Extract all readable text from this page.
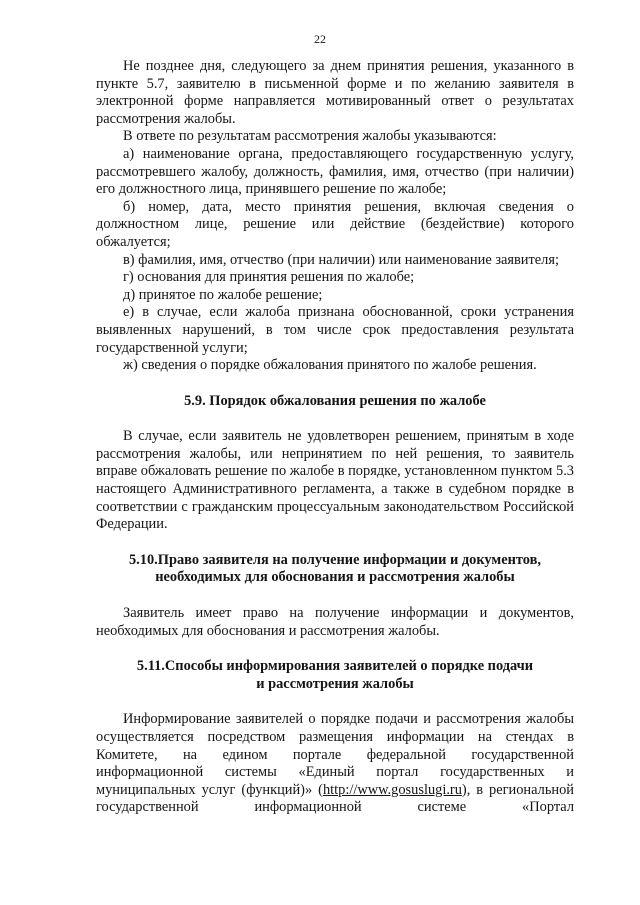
22

Не позднее дня, следующего за днем принятия решения, указанного в пункте 5.7, заявителю в письменной форме и по желанию заявителя в электронной форме направляется мотивированный ответ о результатах рассмотрения жалобы.

В ответе по результатам рассмотрения жалобы указываются:

а) наименование органа, предоставляющего государственную услугу, рассмотревшего жалобу, должность, фамилия, имя, отчество (при наличии) его должностного лица, принявшего решение по жалобе;

б) номер, дата, место принятия решения, включая сведения о должностном лице, решение или действие (бездействие) которого обжалуется;

в) фамилия, имя, отчество (при наличии) или наименование заявителя;

г) основания для принятия решения по жалобе;

д) принятое по жалобе решение;

е) в случае, если жалоба признана обоснованной, сроки устранения выявленных нарушений, в том числе срок предоставления результата государственной услуги;

ж) сведения о порядке обжалования принятого по жалобе решения.

5.9. Порядок обжалования решения по жалобе

В случае, если заявитель не удовлетворен решением, принятым в ходе рассмотрения жалобы, или непринятием по ней решения, то заявитель вправе обжаловать решение по жалобе в порядке, установленном пунктом 5.3 настоящего Административного регламента, а также в судебном порядке в соответствии с гражданским процессуальным законодательством Российской Федерации.

5.10.Право заявителя на получение информации и документов,
необходимых для обоснования и рассмотрения жалобы

Заявитель имеет право на получение информации и документов, необходимых для обоснования и рассмотрения жалобы.

5.11.Способы информирования заявителей о порядке подачи
и рассмотрения жалобы

Информирование заявителей о порядке подачи и рассмотрения жалобы осуществляется посредством размещения информации на стендах в Комитете, на едином портале федеральной государственной информационной системы «Единый портал государственных и муниципальных услуг (функций)» (http://www.gosuslugi.ru), в региональной государственной информационной системе «Портал
